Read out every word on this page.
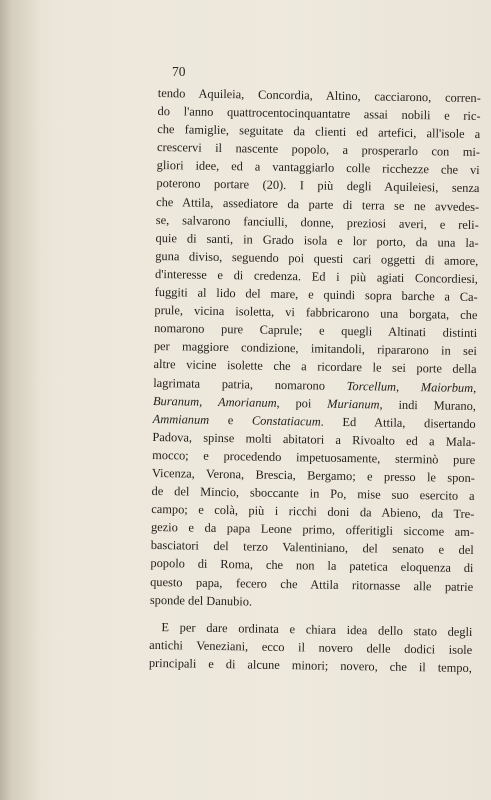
70
tendo Aquileia, Concordia, Altino, cacciarono, corren-
do l'anno quattrocentocinquantatre assai nobili e ric-
che famiglie, seguitate da clienti ed artefici, all'isole a
crescervi il nascente popolo, a prosperarlo con mi-
gliori idee, ed a vantaggiarlo colle ricchezze che vi
poterono portare (20). I più degli Aquileiesi, senza
che Attila, assediatore da parte di terra se ne avvedes-
se, salvarono fanciulli, donne, preziosi averi, e reli-
quie di santi, in Grado isola e lor porto, da una la-
guna diviso, seguendo poi questi cari oggetti di amore,
d'interesse e di credenza. Ed i più agiati Concordiesi,
fuggiti al lido del mare, e quindi sopra barche a Ca-
prule, vicina isoletta, vi fabbricarono una borgata, che
nomarono pure Caprule; e quegli Altinati distinti
per maggiore condizione, imitandoli, ripararono in sei
altre vicine isolette che a ricordare le sei porte della
lagrimata patria, nomarono Torcellum, Maiorbum,
Buranum, Amorianum, poi Murianum, indi Murano,
Ammianum e Constatiacum. Ed Attila, disertando
Padova, spinse molti abitatori a Rivoalto ed a Mala-
mocco; e procedendo impetuosamente, sterminò pure
Vicenza, Verona, Brescia, Bergamo; e presso le spon-
de del Mincio, sboccante in Po, mise suo esercito a
campo; e colà, più i ricchi doni da Abieno, da Tre-
gezio e da papa Leone primo, offeritigli siccome am-
basciatori del terzo Valentiniano, del senato e del
popolo di Roma, che non la patetica eloquenza di
questo papa, fecero che Attila ritornasse alle patrie
sponde del Danubio.
E per dare ordinata e chiara idea dello stato degli
antichi Veneziani, ecco il novero delle dodici isole
principali e di alcune minori; novero, che il tempo,
